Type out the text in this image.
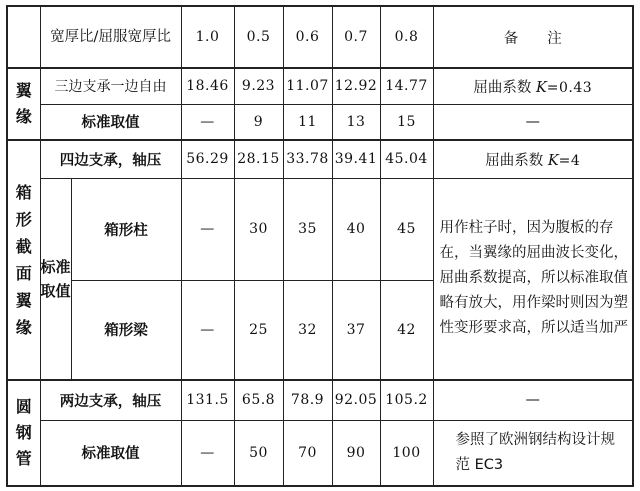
	宽厚比/屈服宽厚比		1.0	0.5	0.6	0.7	0.8	备　　注
翼缘	三边支承一边自由		18.46	9.23	11.07	12.92	14.77	屈曲系数 K=0.43
	标准取值		—	9	11	13	15	—
箱形截面翼缘	四边支承，轴压		56.29	28.15	33.78	39.41	45.04	屈曲系数 K=4
	标准取值	箱形柱	—	30	35	40	45	用作柱子时，因为腹板的存在，当翼缘的屈曲波长变化，屈曲系数提高，所以标准取值略有放大，用作梁时则因为塑性变形要求高，所以适当加严
		箱形梁	—	25	32	37	42	
圆钢管	两边支承，轴压		131.5	65.8	78.9	92.05	105.2	—
	标准取值		—	50	70	90	100	参照了欧洲钢结构设计规范 EC3
